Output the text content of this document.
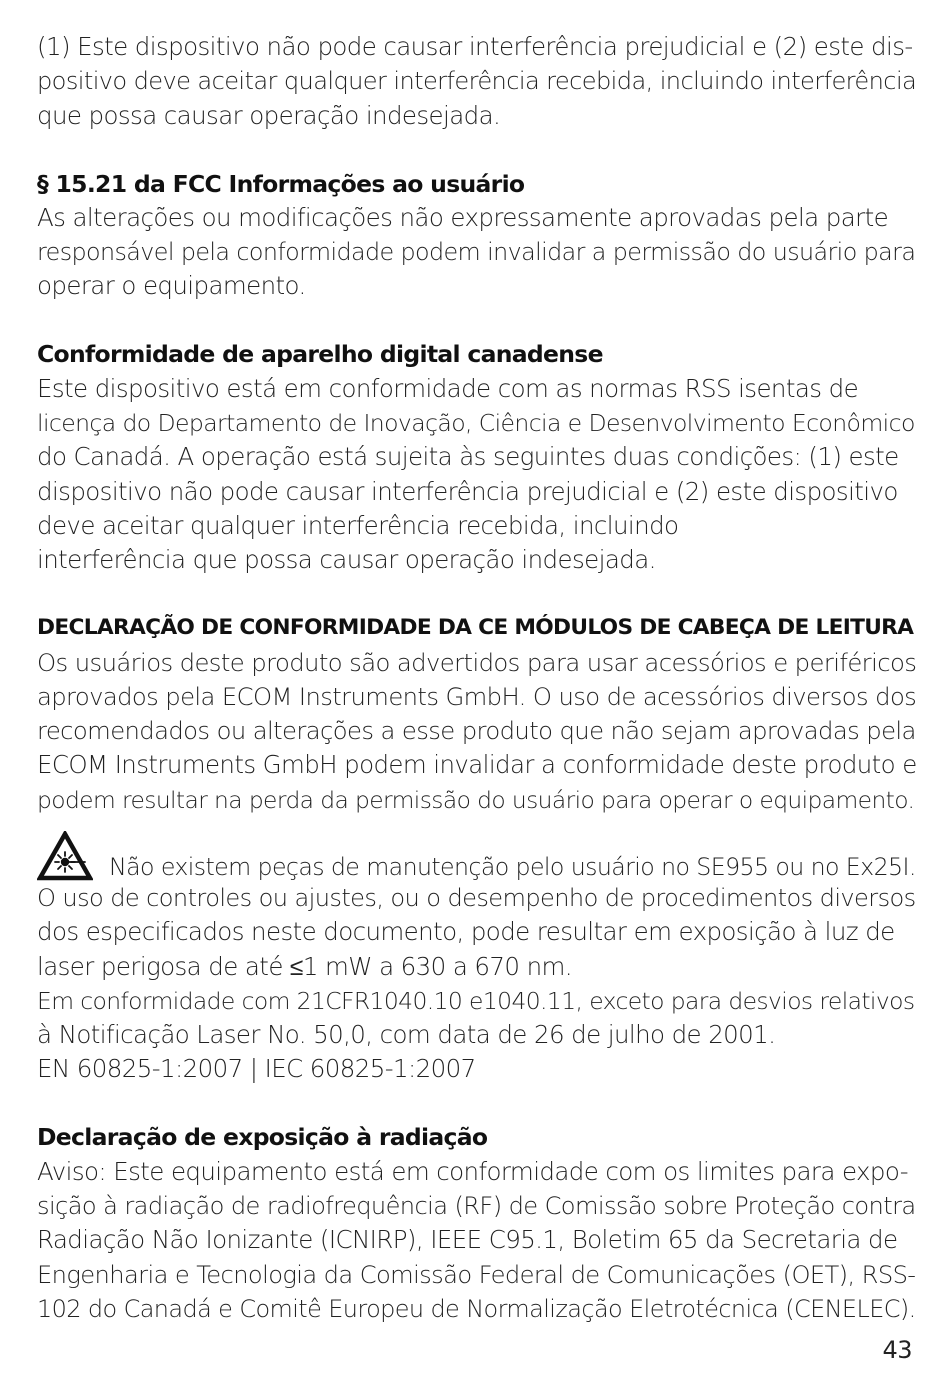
(1) Este dispositivo não pode causar interferência prejudicial e (2) este dis-
positivo deve aceitar qualquer interferência recebida, incluindo interferência
que possa causar operação indesejada.
§ 15.21 da FCC Informações ao usuário
As alterações ou modificações não expressamente aprovadas pela parte
responsável pela conformidade podem invalidar a permissão do usuário para
operar o equipamento.
Conformidade de aparelho digital canadense
Este dispositivo está em conformidade com as normas RSS isentas de
licença do Departamento de Inovação, Ciência e Desenvolvimento Econômico
do Canadá. A operação está sujeita às seguintes duas condições: (1) este
dispositivo não pode causar interferência prejudicial e (2) este dispositivo
deve aceitar qualquer interferência recebida, incluindo
interferência que possa causar operação indesejada.
DECLARAÇÃO DE CONFORMIDADE DA CE MÓDULOS DE CABEÇA DE LEITURA
Os usuários deste produto são advertidos para usar acessórios e periféricos
aprovados pela ECOM Instruments GmbH. O uso de acessórios diversos dos
recomendados ou alterações a esse produto que não sejam aprovadas pela
ECOM Instruments GmbH podem invalidar a conformidade deste produto e
podem resultar na perda da permissão do usuário para operar o equipamento.
Não existem peças de manutenção pelo usuário no SE955 ou no Ex25I.
O uso de controles ou ajustes, ou o desempenho de procedimentos diversos
dos especificados neste documento, pode resultar em exposição à luz de
laser perigosa de até ≤1 mW a 630 a 670 nm.
Em conformidade com 21CFR1040.10 e1040.11, exceto para desvios relativos
à Notificação Laser No. 50,0, com data de 26 de julho de 2001.
EN 60825-1:2007 | IEC 60825-1:2007
Declaração de exposição à radiação
Aviso: Este equipamento está em conformidade com os limites para expo-
sição à radiação de radiofrequência (RF) de Comissão sobre Proteção contra
Radiação Não Ionizante (ICNIRP), IEEE C95.1, Boletim 65 da Secretaria de
Engenharia e Tecnologia da Comissão Federal de Comunicações (OET), RSS-
102 do Canadá e Comitê Europeu de Normalização Eletrotécnica (CENELEC).
43
